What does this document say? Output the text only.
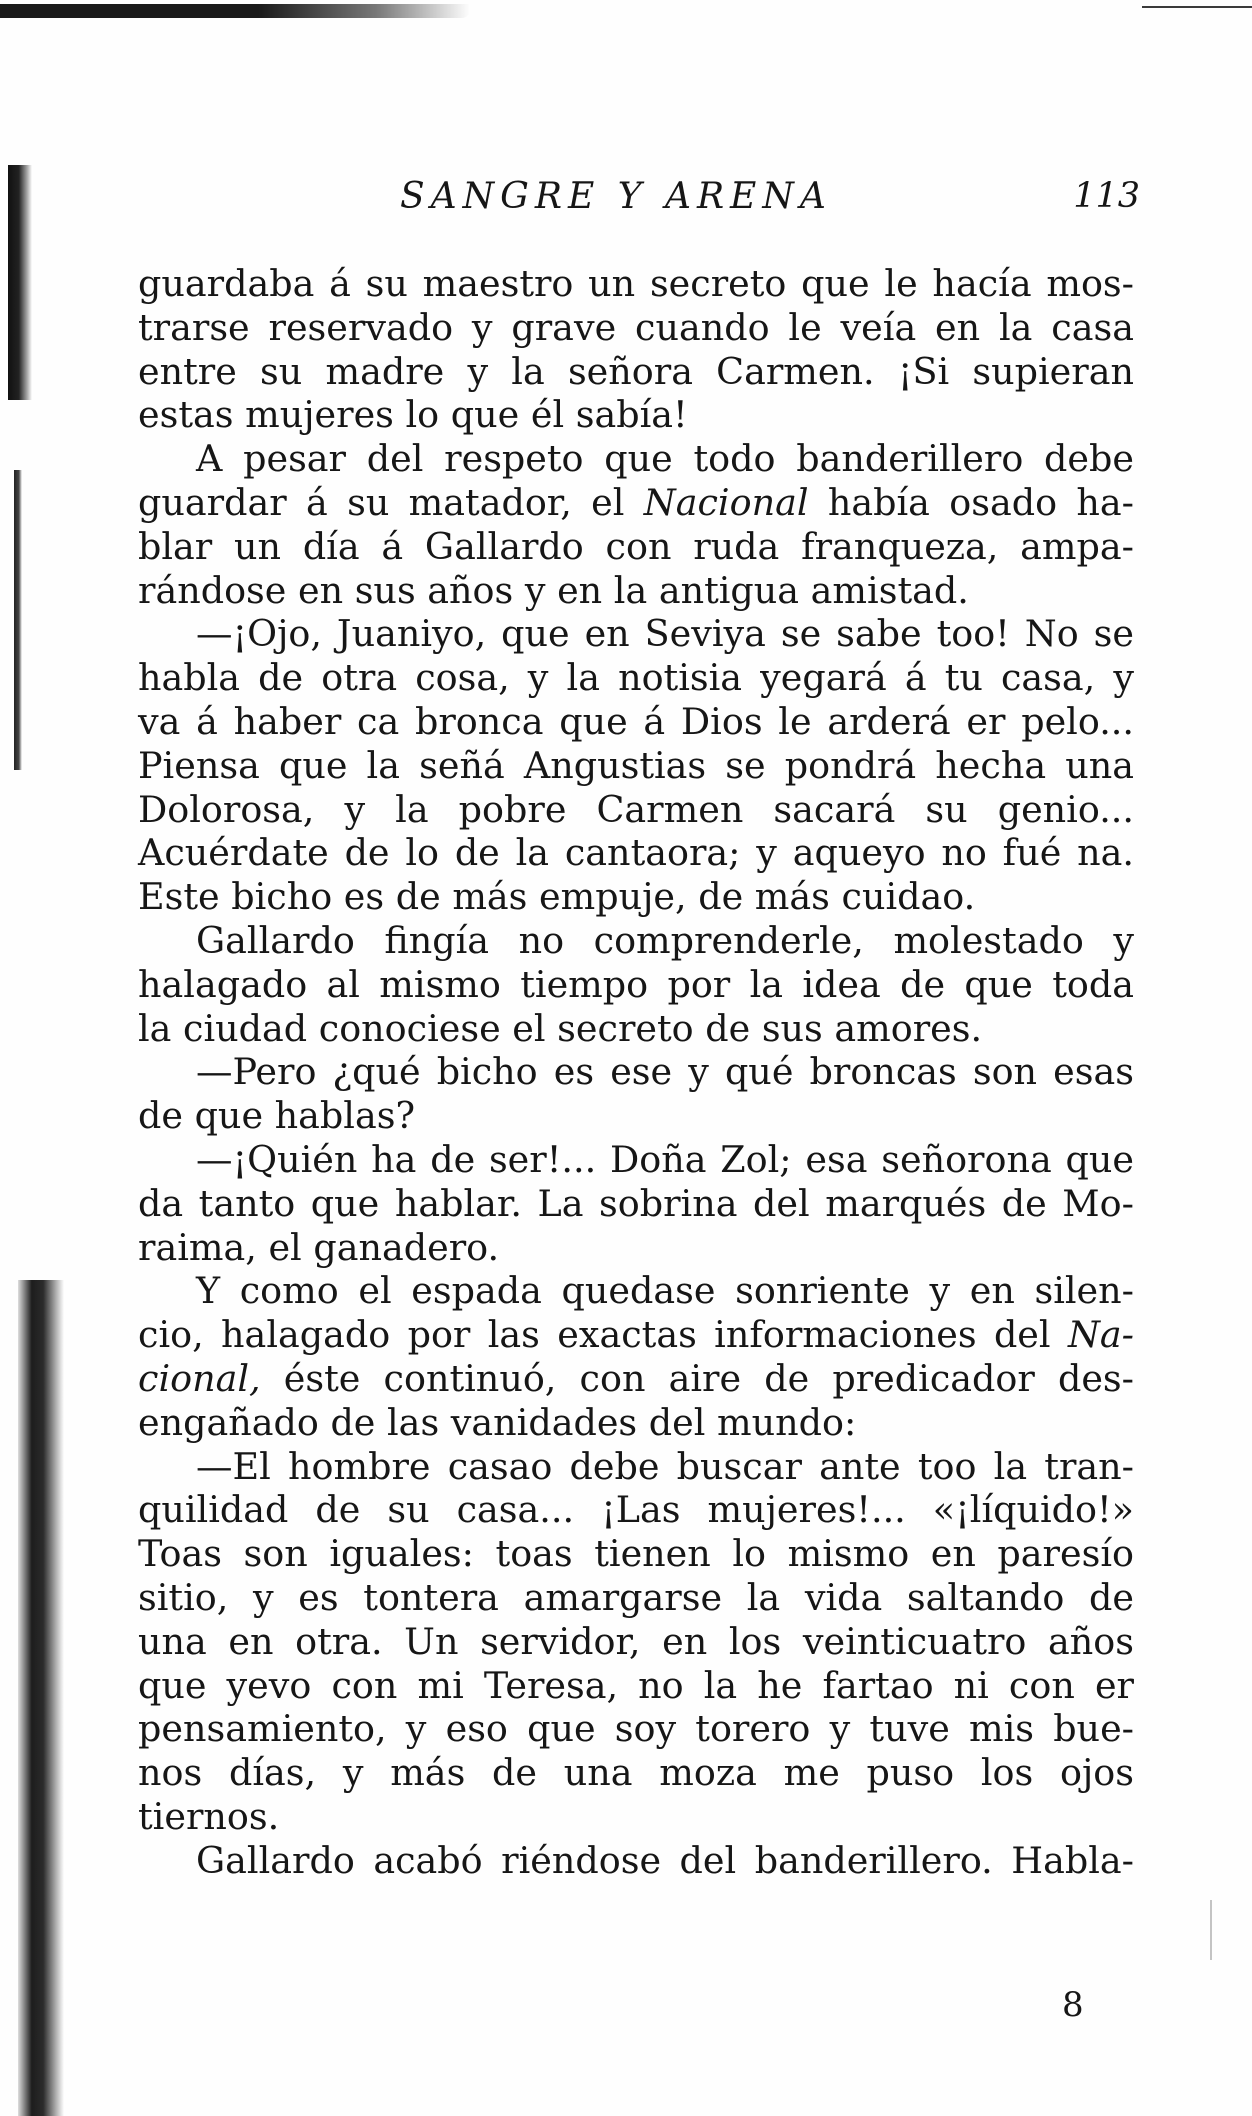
SANGRE Y ARENA	113
guardaba á su maestro un secreto que le hacía mos-
trarse reservado y grave cuando le veía en la casa
entre su madre y la señora Carmen. ¡Si supieran
estas mujeres lo que él sabía!
A pesar del respeto que todo banderillero debe
guardar á su matador, el Nacional había osado ha-
blar un día á Gallardo con ruda franqueza, ampa-
rándose en sus años y en la antigua amistad.
—¡Ojo, Juaniyo, que en Seviya se sabe too! No se
habla de otra cosa, y la notisia yegará á tu casa, y
va á haber ca bronca que á Dios le arderá er pelo...
Piensa que la señá Angustias se pondrá hecha una
Dolorosa, y la pobre Carmen sacará su genio...
Acuérdate de lo de la cantaora; y aqueyo no fué na.
Este bicho es de más empuje, de más cuidao.
Gallardo fingía no comprenderle, molestado y
halagado al mismo tiempo por la idea de que toda
la ciudad conociese el secreto de sus amores.
—Pero ¿qué bicho es ese y qué broncas son esas
de que hablas?
—¡Quién ha de ser!... Doña Zol; esa señorona que
da tanto que hablar. La sobrina del marqués de Mo-
raima, el ganadero.
Y como el espada quedase sonriente y en silen-
cio, halagado por las exactas informaciones del Na-
cional, éste continuó, con aire de predicador des-
engañado de las vanidades del mundo:
—El hombre casao debe buscar ante too la tran-
quilidad de su casa... ¡Las mujeres!... «¡líquido!»
Toas son iguales: toas tienen lo mismo en paresío
sitio, y es tontera amargarse la vida saltando de
una en otra. Un servidor, en los veinticuatro años
que yevo con mi Teresa, no la he fartao ni con er
pensamiento, y eso que soy torero y tuve mis bue-
nos días, y más de una moza me puso los ojos
tiernos.
Gallardo acabó riéndose del banderillero. Habla-
8
